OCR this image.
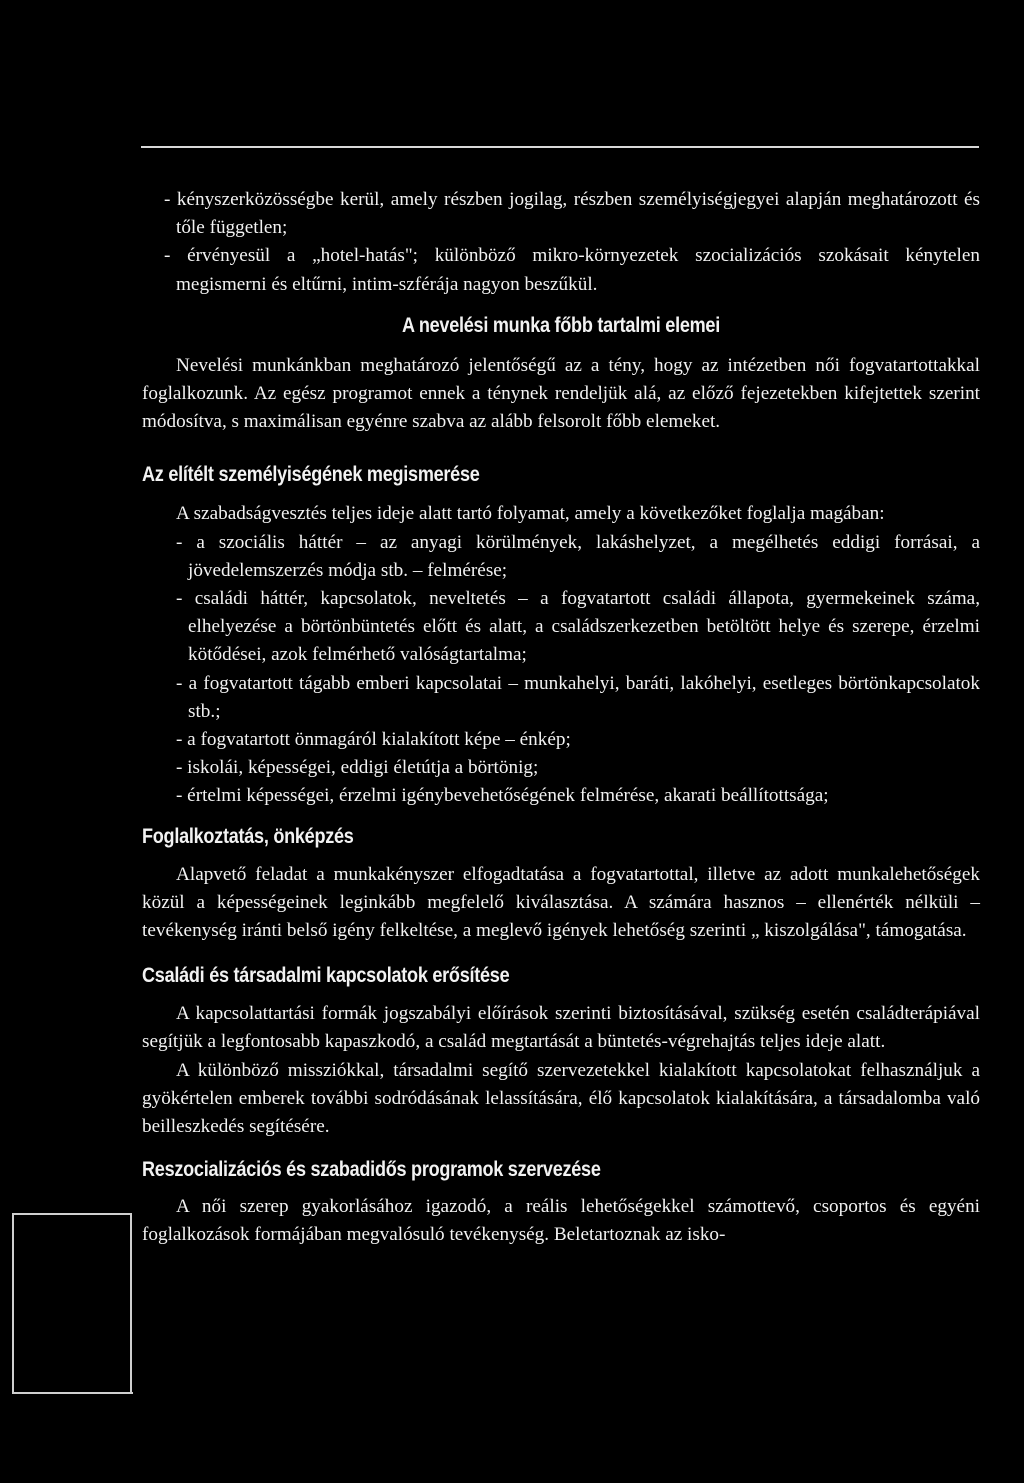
- kényszerközösségbe kerül, amely részben jogilag, részben személyiségjegyei alapján meghatározott és tőle független;

- érvényesül a „hotel-hatás"; különböző mikro-környezetek szocializációs szokásait kénytelen megismerni és eltűrni, intim-szférája nagyon beszűkül.

A nevelési munka főbb tartalmi elemei

Nevelési munkánkban meghatározó jelentőségű az a tény, hogy az intézetben női fogvatartottakkal foglalkozunk. Az egész programot ennek a ténynek rendeljük alá, az előző fejezetekben kifejtettek szerint módosítva, s maximálisan egyénre szabva az alább felsorolt főbb elemeket.

Az elítélt személyiségének megismerése

A szabadságvesztés teljes ideje alatt tartó folyamat, amely a következőket foglalja magában:

- a szociális háttér – az anyagi körülmények, lakáshelyzet, a megélhetés eddigi forrásai, a jövedelemszerzés módja stb. – felmérése;

- családi háttér, kapcsolatok, neveltetés – a fogvatartott családi állapota, gyermekeinek száma, elhelyezése a börtönbüntetés előtt és alatt, a családszerkezetben betöltött helye és szerepe, érzelmi kötődései, azok felmérhető valóságtartalma;

- a fogvatartott tágabb emberi kapcsolatai – munkahelyi, baráti, lakóhelyi, esetleges börtönkapcsolatok stb.;

- a fogvatartott önmagáról kialakított képe – énkép;

- iskolái, képességei, eddigi életútja a börtönig;

- értelmi képességei, érzelmi igénybevehetőségének felmérése, akarati beállítottsága;

Foglalkoztatás, önképzés

Alapvető feladat a munkakényszer elfogadtatása a fogvatartottal, illetve az adott munkalehetőségek közül a képességeinek leginkább megfelelő kiválasztása. A számára hasznos – ellenérték nélküli – tevékenység iránti belső igény felkeltése, a meglevő igények lehetőség szerinti „ kiszolgálása", támogatása.

Családi és társadalmi kapcsolatok erősítése

A kapcsolattartási formák jogszabályi előírások szerinti biztosításával, szükség esetén családterápiával segítjük a legfontosabb kapaszkodó, a család megtartását a büntetés-végrehajtás teljes ideje alatt.

A különböző missziókkal, társadalmi segítő szervezetekkel kialakított kapcsolatokat felhasználjuk a gyökértelen emberek további sodródásának lelassítására, élő kapcsolatok kialakítására, a társadalomba való beilleszkedés segítésére.

Reszocializációs és szabadidős programok szervezése

A női szerep gyakorlásához igazodó, a reális lehetőségekkel számottevő, csoportos és egyéni foglalkozások formájában megvalósuló tevékenység. Beletartoznak az isko-
